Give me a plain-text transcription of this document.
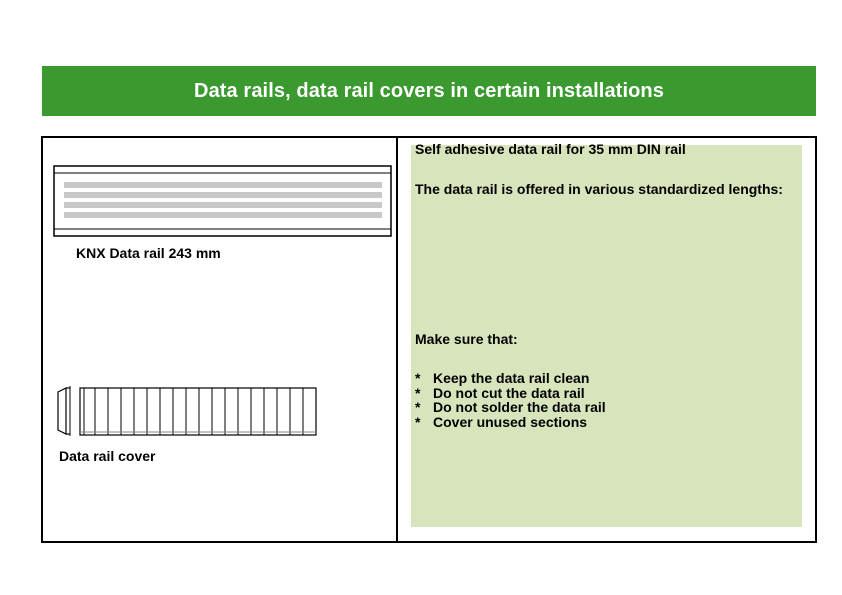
Data rails, data rail covers in certain installations
KNX Data rail 243 mm
Data rail cover
Self adhesive data rail for 35 mm DIN rail
The data rail is offered in various standardized lengths:
Make sure that:
* Keep the data rail clean
* Do not cut the data rail
* Do not solder the data rail
* Cover unused sections
